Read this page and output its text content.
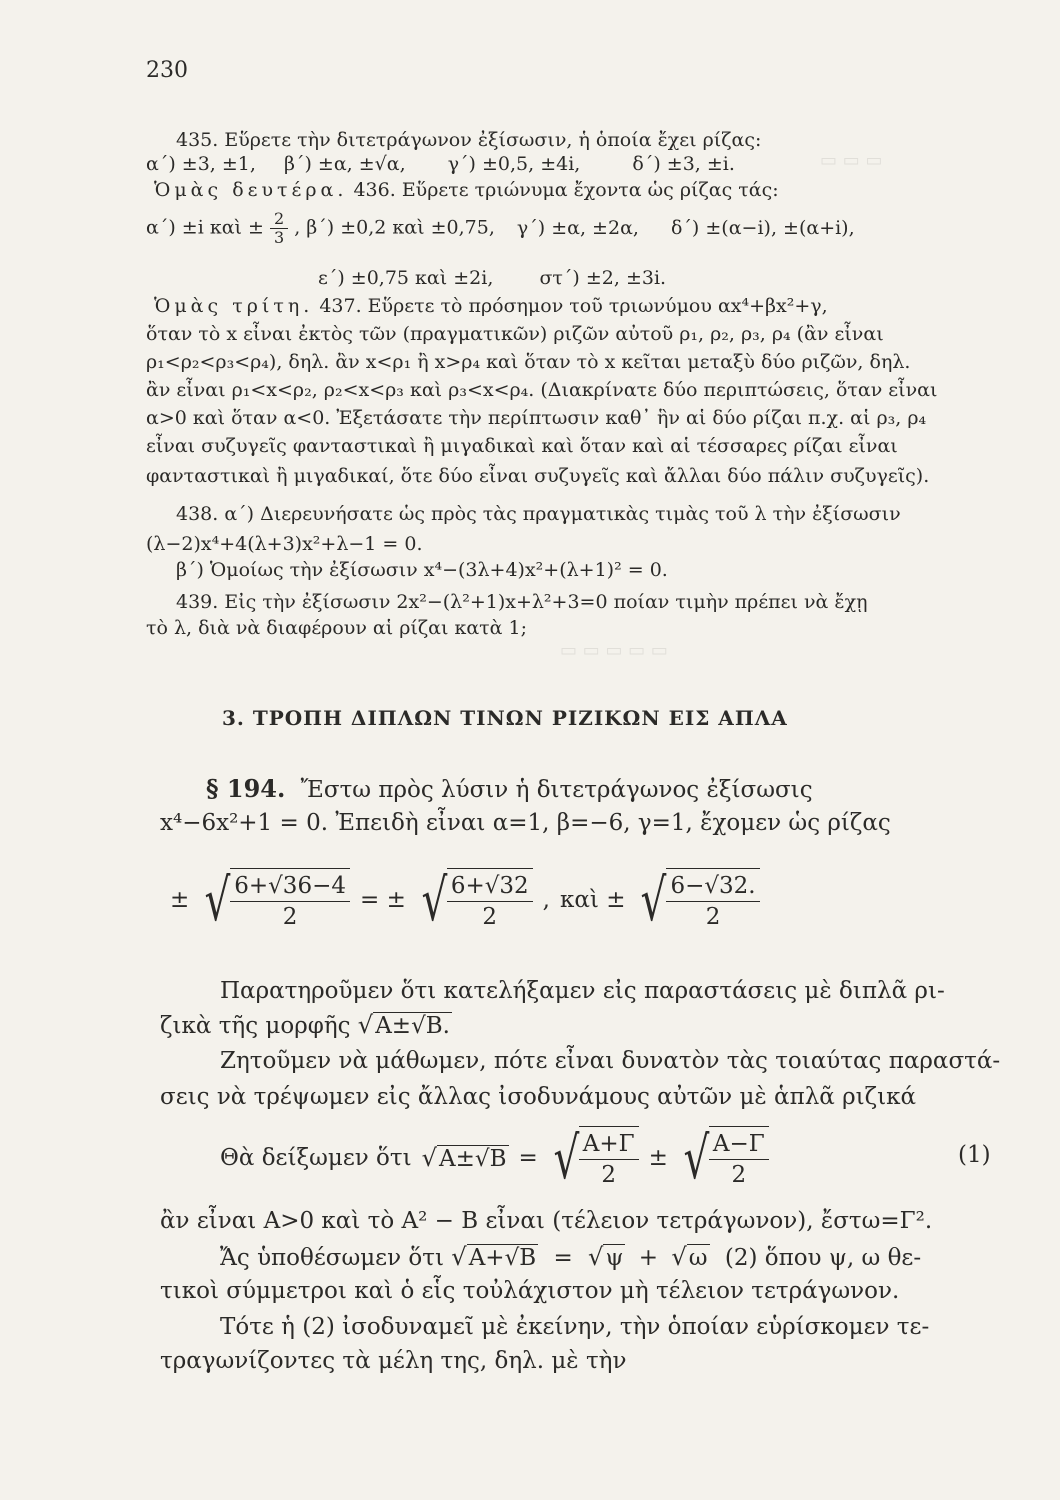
230
435. Εὕρετε τὴν διτετράγωνον ἐξίσωσιν, ἡ ὁποία ἔχει ρίζας:
α΄) ±3, ±1, β΄) ±α, ±√α, γ΄) ±0,5, ±4i,	δ΄) ±3, ±i.
Ὁμὰς δευτέρα. 436. Εὕρετε τριώνυμα ἔχοντα ὡς ρίζας τάς:
α΄) ±i καὶ ± $\frac{2}{3}$ , β΄) ±0,2 καὶ ±0,75, γ΄) ±α, ±2α, δ΄) ±(α−i), ±(α+i),
ε΄) ±0,75 καὶ ±2i, στ΄) ±2, ±3i.
Ὁμὰς τρίτη. 437. Εὕρετε τὸ πρόσημον τοῦ τριωνύμου αx⁴+βx²+γ,
ὅταν τὸ x εἶναι ἐκτὸς τῶν (πραγματικῶν) ριζῶν αὐτοῦ ρ₁, ρ₂, ρ₃, ρ₄ (ἂν εἶναι
ρ₁<ρ₂<ρ₃<ρ₄), δηλ. ἂν x<ρ₁ ἢ x>ρ₄ καὶ ὅταν τὸ x κεῖται μεταξὺ δύο ριζῶν, δηλ.
ἂν εἶναι ρ₁<x<ρ₂, ρ₂<x<ρ₃ καὶ ρ₃<x<ρ₄. (Διακρίνατε δύο περιπτώσεις, ὅταν εἶναι
α>0 καὶ ὅταν α<0. Ἐξετάσατε τὴν περίπτωσιν καθ᾽ ἣν αἱ δύο ρίζαι π.χ. αἱ ρ₃, ρ₄
εἶναι συζυγεῖς φανταστικαὶ ἢ μιγαδικαὶ καὶ ὅταν καὶ αἱ τέσσαρες ρίζαι εἶναι
φανταστικαὶ ἢ μιγαδικαί, ὅτε δύο εἶναι συζυγεῖς καὶ ἄλλαι δύο πάλιν συζυγεῖς).
438. α΄) Διερευνήσατε ὡς πρὸς τὰς πραγματικὰς τιμὰς τοῦ λ τὴν ἐξίσωσιν
(λ−2)x⁴+4(λ+3)x²+λ−1 = 0.
β΄) Ὁμοίως τὴν ἐξίσωσιν x⁴−(3λ+4)x²+(λ+1)² = 0.
439. Εἰς τὴν ἐξίσωσιν 2x²−(λ²+1)x+λ²+3=0 ποίαν τιμὴν πρέπει νὰ ἔχῃ
τὸ λ, διὰ νὰ διαφέρουν αἱ ρίζαι κατὰ 1;
3. ΤΡΟΠΗ ΔΙΠΛΩΝ ΤΙΝΩΝ ΡΙΖΙΚΩΝ ΕΙΣ ΑΠΛΑ
§ 194. Ἔστω πρὸς λύσιν ἡ διτετράγωνος ἐξίσωσις
x⁴−6x²+1 = 0. Ἐπειδὴ εἶναι α=1, β=−6, γ=1, ἔχομεν ὡς ρίζας
± √ $\frac{6+√36-4}{2}$ = ± √ $\frac{6+√32}{2}$ , καὶ ± √ $\frac{6-√32.}{2}$
Παρατηροῦμεν ὅτι κατελήξαμεν εἰς παραστάσεις μὲ διπλᾶ ρι-
ζικὰ τῆς μορφῆς √A±√B.
Ζητοῦμεν νὰ μάθωμεν, πότε εἶναι δυνατὸν τὰς τοιαύτας παραστά-
σεις νὰ τρέψωμεν εἰς ἄλλας ἰσοδυνάμους αὐτῶν μὲ ἁπλᾶ ριζικά
Θὰ δείξωμεν ὅτι √A±√B = √ $\frac{A+\Gamma}{2}$ ± √ $\frac{A-\Gamma}{2}$	(1)
ἂν εἶναι A>0 καὶ τὸ A² − B εἶναι (τέλειον τετράγωνον), ἔστω=Γ².
Ἄς ὑποθέσωμεν ὅτι √A+√B = √ψ + √ω (2) ὅπου ψ, ω θε-
τικοὶ σύμμετροι καὶ ὁ εἷς τοὐλάχιστον μὴ τέλειον τετράγωνον.
Τότε ἡ (2) ἰσοδυναμεῖ μὲ ἐκείνην, τὴν ὁποίαν εὑρίσκομεν τε-
τραγωνίζοντες τὰ μέλη της, δηλ. μὲ τὴν
▭ ▭ ▭
▭ ▭ ▭ ▭ ▭
